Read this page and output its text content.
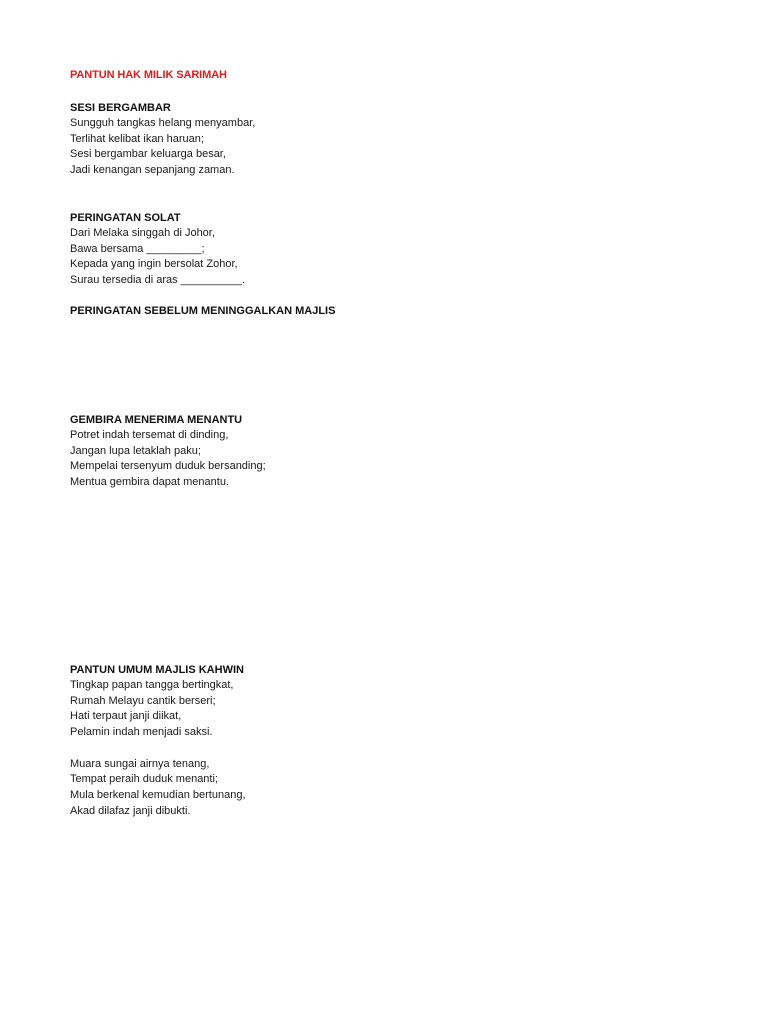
PANTUN HAK MILIK SARIMAH
SESI BERGAMBAR
Sungguh tangkas helang menyambar,
Terlihat kelibat ikan haruan;
Sesi bergambar keluarga besar,
Jadi kenangan sepanjang zaman.
PERINGATAN SOLAT
Dari Melaka singgah di Johor,
Bawa bersama _________;
Kepada yang ingin bersolat Zohor,
Surau tersedia di aras __________.
PERINGATAN SEBELUM MENINGGALKAN MAJLIS
GEMBIRA MENERIMA MENANTU
Potret indah tersemat di dinding,
Jangan lupa letaklah paku;
Mempelai tersenyum duduk bersanding;
Mentua gembira dapat menantu.
PANTUN UMUM MAJLIS KAHWIN
Tingkap papan tangga bertingkat,
Rumah Melayu cantik berseri;
Hati terpaut janji diikat,
Pelamin indah menjadi saksi.
Muara sungai airnya tenang,
Tempat peraih duduk menanti;
Mula berkenal kemudian bertunang,
Akad dilafaz janji dibukti.
